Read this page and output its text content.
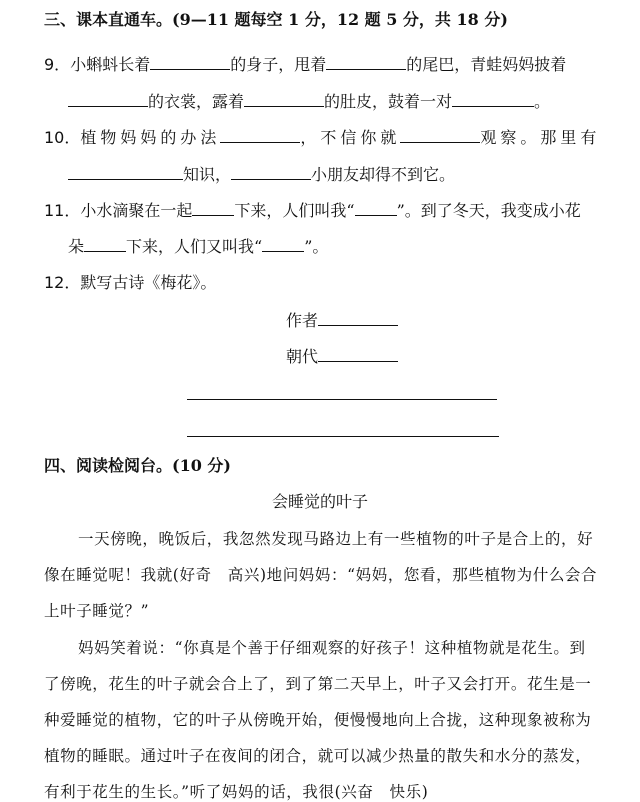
三、课本直通车。(9—11 题每空 1 分，12 题 5 分，共 18 分)
9．小蝌蚪长着	的身子，甩着	的尾巴，青蛙妈妈披着
的衣裳，露着	的肚皮，鼓着一对	。
10．植物妈妈的办法	，不信你就	观察。那里有
知识，	小朋友却得不到它。
11．小水滴聚在一起	下来，人们叫我“	”。到了冬天，我变成小花
朵	下来，人们又叫我“	”。
12．默写古诗《梅花》。
作者
朝代
四、阅读检阅台。(10 分)
会睡觉的叶子
一天傍晚，晚饭后，我忽然发现马路边上有一些植物的叶子是合上的，好
像在睡觉呢！我就(好奇　高兴)地问妈妈：“妈妈，您看，那些植物为什么会合
上叶子睡觉？”
妈妈笑着说：“你真是个善于仔细观察的好孩子！这种植物就是花生。到
了傍晚，花生的叶子就会合上了，到了第二天早上，叶子又会打开。花生是一
种爱睡觉的植物，它的叶子从傍晚开始，便慢慢地向上合拢，这种现象被称为
植物的睡眠。通过叶子在夜间的闭合，就可以减少热量的散失和水分的蒸发，
有利于花生的生长。”听了妈妈的话，我很(兴奋　快乐)
